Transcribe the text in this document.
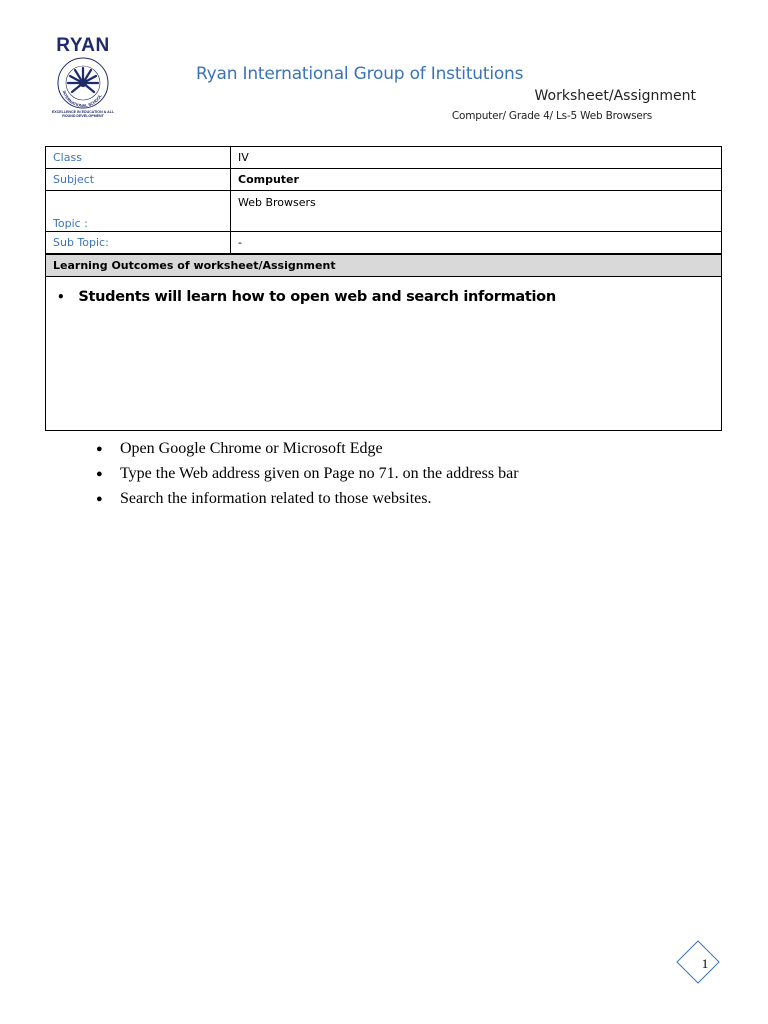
RYAN
INTERNATIONAL SCHOOL
EXCELLENCE IN EDUCATION & ALL ROUND DEVELOPMENT
Ryan International Group of Institutions
Worksheet/Assignment
Computer/ Grade 4/ Ls-5 Web Browsers
Class	IV
Subject	Computer
Topic :	Web Browsers
Sub Topic:	-
Learning Outcomes of worksheet/Assignment	

• Students will learn how to open web and search information	
●	Open Google Chrome or Microsoft Edge
●	Type the Web address given on Page no 71. on the address bar
●	Search the information related to those websites.
1
